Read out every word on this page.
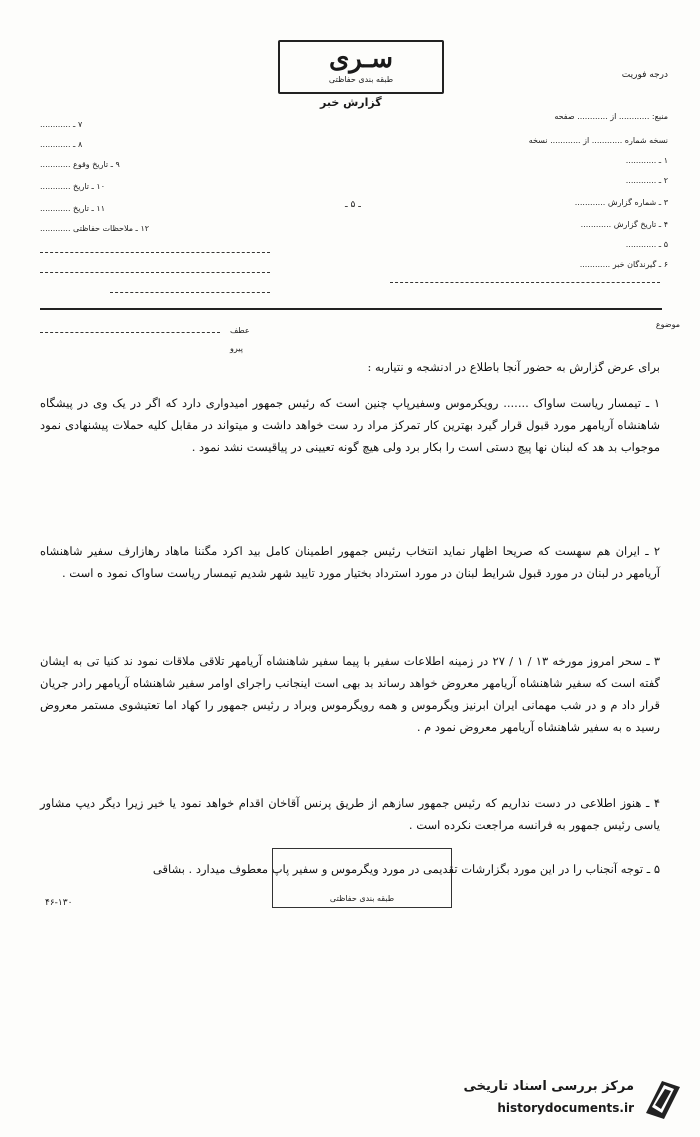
سـرى
طبقه بندی حفاظتی	درجه فوریت
گزارش خبر
منبع: ............ از ............ صفحه
نسخه شماره ............ از ............ نسخه
۱ ـ ............
۲ ـ ............
۳ ـ شماره گزارش ............
۴ ـ تاریخ گزارش ............
۵ ـ ............
۶ ـ گیرندگان خبر ............
۷ ـ ............
۸ ـ ............
۹ ـ تاریخ وقوع ............
۱۰ ـ تاریخ ............
۱۱ ـ تاریخ ............
۱۲ ـ ملاحظات حفاظتی ............
ـ ۵ ـ
موضوع
عطف
پیرو
برای عرض گزارش به حضور آنجا باطلاع در ادنشجه و نتیاربه :
۱ ـ تیمسار ریاست ساواک ....... رویکرموس وسفیرپاپ چنین است که رئیس جمهور امیدواری دارد که اگر در یک وی در پیشگاه شاهنشاه آریامهر مورد قبول قرار گیرد بهترین کار تمرکز مراد رد ست خواهد داشت و میتواند در مقابل کلیه حملات پیشنهادی نمود موجواب بد هد که لبنان نها پیچ دستی است را بکار برد ولی هیچ گونه تعیینی در پیاقیست نشد نمود .
۲ ـ ایران هم سهست که صریحا اظهار نماید انتخاب رئیس جمهور اطمینان کامل بید اکرد مگننا ماهاد رهازارف سفیر شاهنشاه آریامهر در لبنان در مورد قبول شرایط لبنان در مورد استرداد بختیار مورد تایید شهر شدیم تیمسار ریاست ساواک نمود ه است .
۳ ـ سحر امروز مورخه ۱۳ / ۱ / ۲۷ در زمینه اطلاعات سفیر با پیما سفیر شاهنشاه آریامهر تلاقی ملاقات نمود ند کنیا تی به ایشان گفته است که سفیر شاهنشاه آریامهر معروض خواهد رساند بد بهی است اینجانب راجرای اوامر سفیر شاهنشاه آریامهر رادر جریان قرار داد م و در شب مهمانی ایران ابرنیز ویگرموس و همه رویگرموس وبراد ر رئیس جمهور را کهاد اما تعتیشوی مستمر معروض رسید ه به سفیر شاهنشاه آریامهر معروض نمود م .
۴ ـ هنوز اطلاعی در دست نداریم که رئیس جمهور سازهم از طریق پرنس آقاخان اقدام خواهد نمود یا خیر زیرا دیگر دیپ مشاور یاسی رئیس جمهور به فرانسه مراجعت نکرده است .
۵ ـ توجه آنجناب را در این مورد بگزارشات تقدیمی در مورد ویگرموس و سفیر پاپ معطوف میدارد . بشاقی
طبقه بندی حفاظتی
۴۶-۱۳۰
مرکز بررسی اسناد تاریخی
historydocuments.ir
